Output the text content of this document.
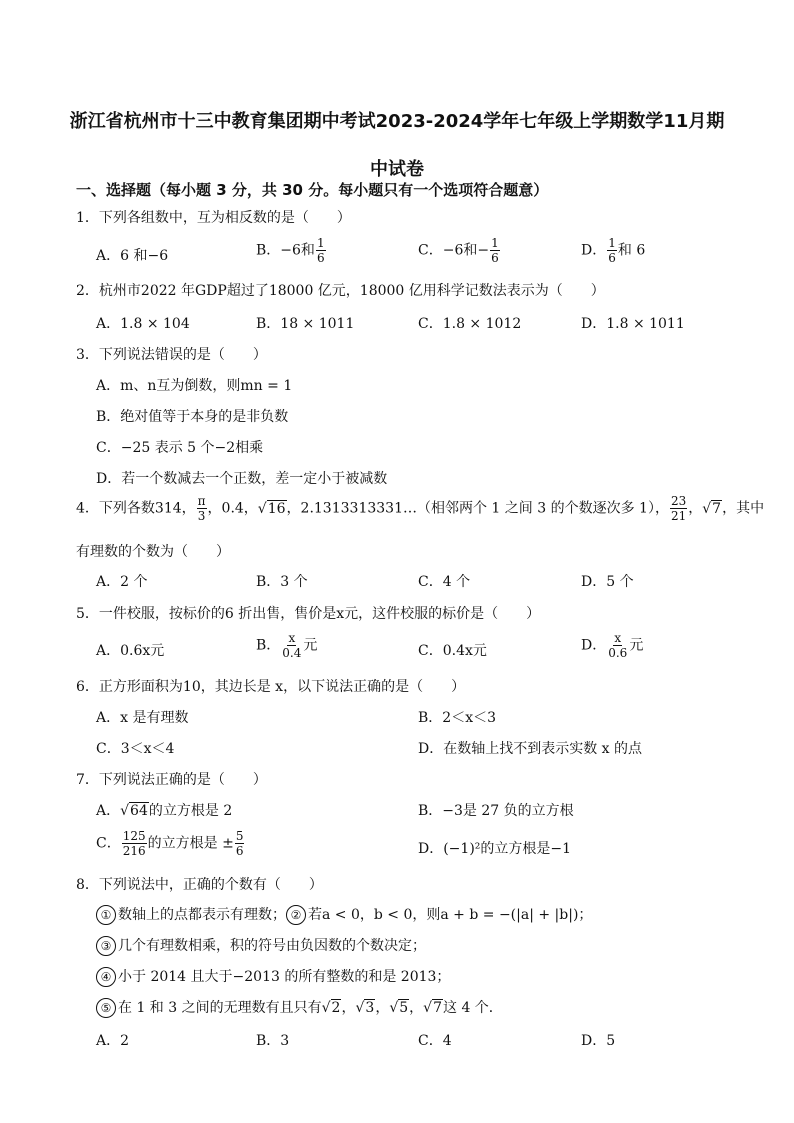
浙江省杭州市十三中教育集团期中考试2023-2024学年七年级上学期数学11月期
中试卷
一、选择题（每小题 3 分，共 30 分。每小题只有一个选项符合题意）
1．下列各组数中，互为相反数的是（　　）
A．6 和−6	B．−6和 $\frac{1}{6}$	C．−6和− $\frac{1}{6}$	D． $\frac{1}{6}$ 和 6
2．杭州市2022 年GDP超过了18000 亿元，18000 亿用科学记数法表示为（　　）
A．1.8 × 104	B．18 × 1011	C．1.8 × 1012	D．1.8 × 1011
3．下列说法错误的是（　　）
A．m、n互为倒数，则mn = 1
B．绝对值等于本身的是非负数
C．−25 表示 5 个−2相乘
D．若一个数减去一个正数，差一定小于被减数
4．下列各数314， $\frac{\pi}{3}$ ，0.4，√16，2.1313313331…（相邻两个 1 之间 3 的个数逐次多 1）， $\frac{23}{21}$ ，√7，其中
有理数的个数为（　　）
A．2 个	B．3 个	C．4 个	D．5 个
5．一件校服，按标价的6 折出售，售价是x元，这件校服的标价是（　　）
A．0.6x元	B． $\frac{x}{0.4}$ 元	C．0.4x元	D． $\frac{x}{0.6}$ 元
6．正方形面积为10，其边长是 x，以下说法正确的是（　　）
A．x 是有理数	B．2＜x＜3
C．3＜x＜4	D．在数轴上找不到表示实数 x 的点
7．下列说法正确的是（　　）
A．√64的立方根是 2	B．−3是 27 负的立方根
C． $\frac{125}{216}$ 的立方根是 ± $\frac{5}{6}$	D．(−1)²的立方根是−1
8．下列说法中，正确的个数有（　　）
① 数轴上的点都表示有理数； ② 若a < 0，b < 0，则a + b = −(|a| + |b|)；
③ 几个有理数相乘，积的符号由负因数的个数决定；
④ 小于 2014 且大于−2013 的所有整数的和是 2013；
⑤ 在 1 和 3 之间的无理数有且只有√2，√3，√5，√7这 4 个．
A．2	B．3	C．4	D．5
